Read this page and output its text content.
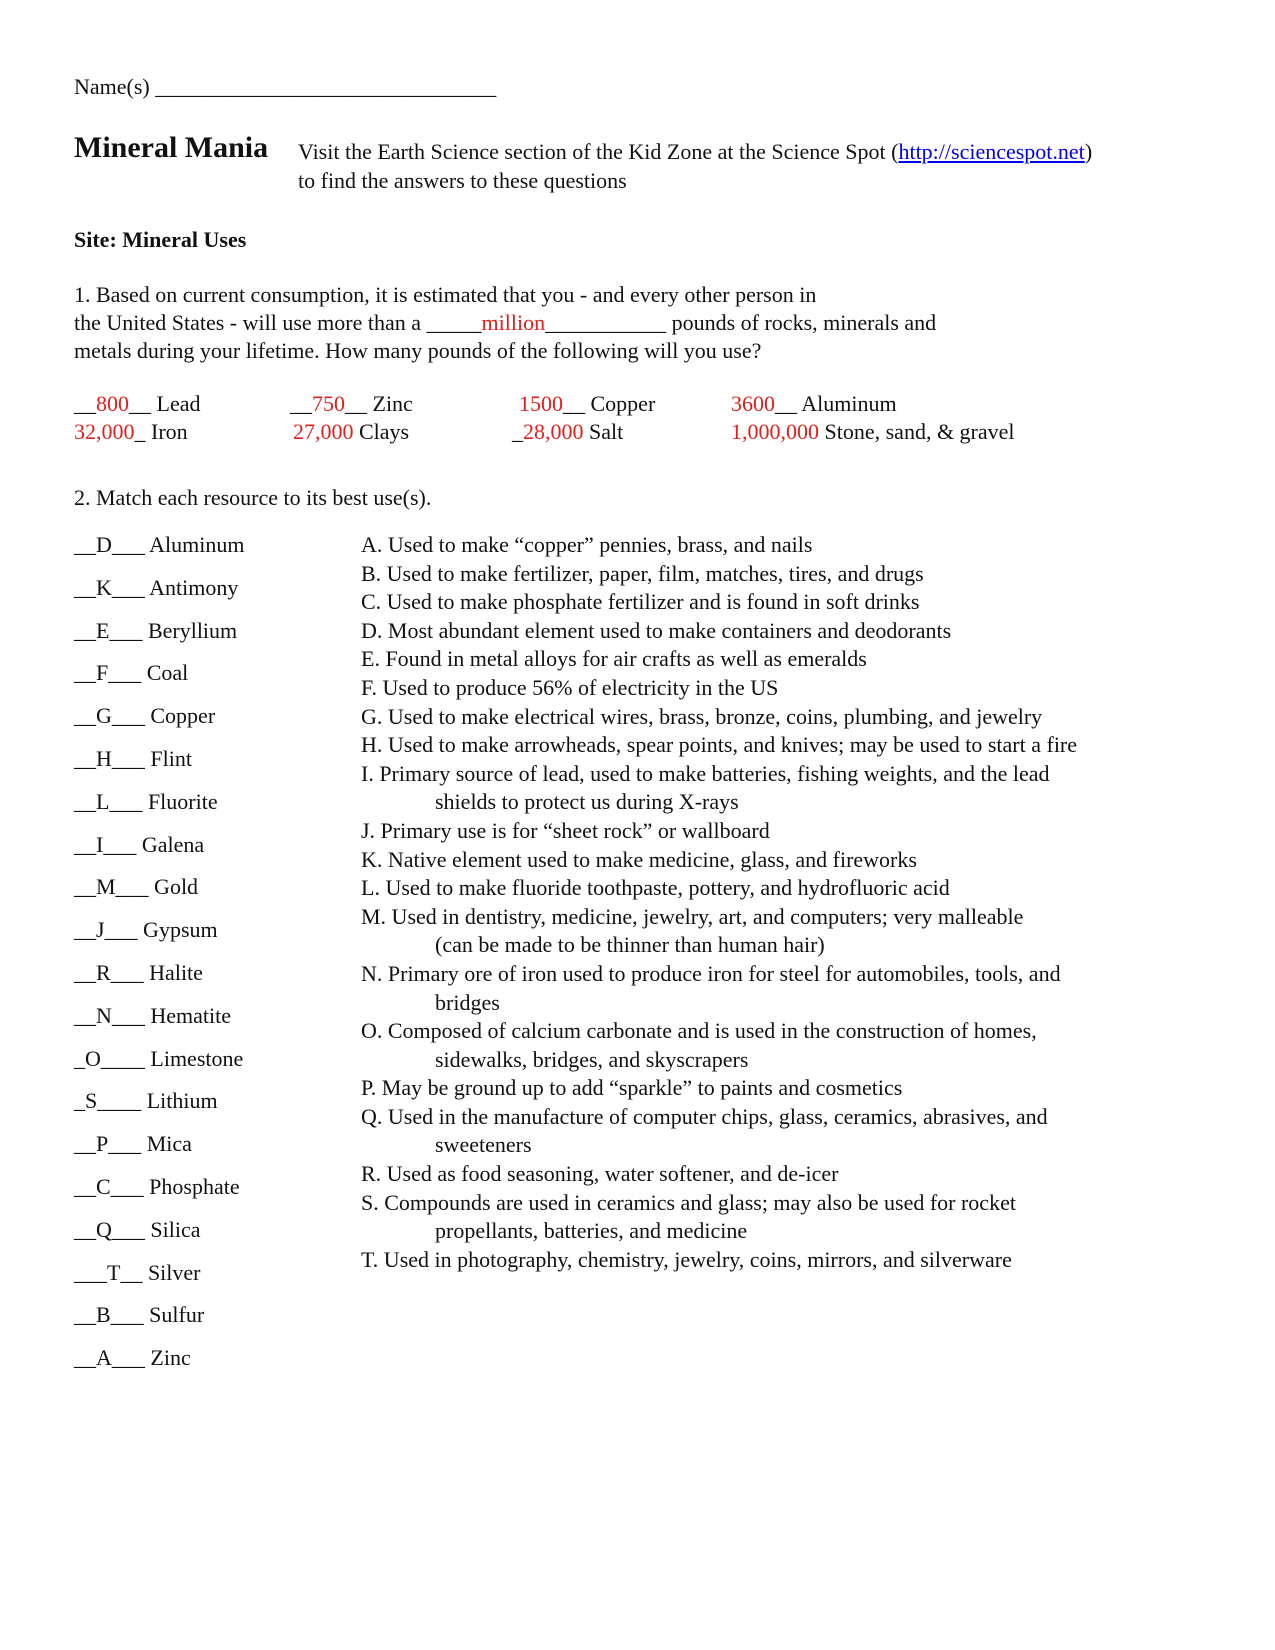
Name(s) _______________________________
Mineral Mania Visit the Earth Science section of the Kid Zone at the Science Spot (http://sciencespot.net)
to find the answers to these questions
Site: Mineral Uses

1. Based on current consumption, it is estimated that you - and every other person in

the United States - will use more than a _____million___________ pounds of rocks, minerals and

metals during your lifetime. How many pounds of the following will you use?

__800__ Lead	__750__ Zinc	1500__ Copper	3600__ Aluminum
32,000_ Iron	27,000 Clays	_28,000 Salt	1,000,000 Stone, sand, & gravel
2. Match each resource to its best use(s).
__D___ Aluminum
__K___ Antimony
__E___ Beryllium
__F___ Coal
__G___ Copper
__H___ Flint
__L___ Fluorite
__I___ Galena
__M___ Gold
__J___ Gypsum
__R___ Halite
__N___ Hematite
_O____ Limestone
_S____ Lithium
__P___ Mica
__C___ Phosphate
__Q___ Silica
___T__ Silver
__B___ Sulfur
__A___ Zinc
A. Used to make “copper” pennies, brass, and nails
B. Used to make fertilizer, paper, film, matches, tires, and drugs
C. Used to make phosphate fertilizer and is found in soft drinks
D. Most abundant element used to make containers and deodorants
E. Found in metal alloys for air crafts as well as emeralds
F. Used to produce 56% of electricity in the US
G. Used to make electrical wires, brass, bronze, coins, plumbing, and jewelry
H. Used to make arrowheads, spear points, and knives; may be used to start a fire
I. Primary source of lead, used to make batteries, fishing weights, and the lead
shields to protect us during X-rays
J. Primary use is for “sheet rock” or wallboard
K. Native element used to make medicine, glass, and fireworks
L. Used to make fluoride toothpaste, pottery, and hydrofluoric acid
M. Used in dentistry, medicine, jewelry, art, and computers; very malleable
(can be made to be thinner than human hair)
N. Primary ore of iron used to produce iron for steel for automobiles, tools, and
bridges
O. Composed of calcium carbonate and is used in the construction of homes,
sidewalks, bridges, and skyscrapers
P. May be ground up to add “sparkle” to paints and cosmetics
Q. Used in the manufacture of computer chips, glass, ceramics, abrasives, and
sweeteners
R. Used as food seasoning, water softener, and de-icer
S. Compounds are used in ceramics and glass; may also be used for rocket
propellants, batteries, and medicine
T. Used in photography, chemistry, jewelry, coins, mirrors, and silverware
